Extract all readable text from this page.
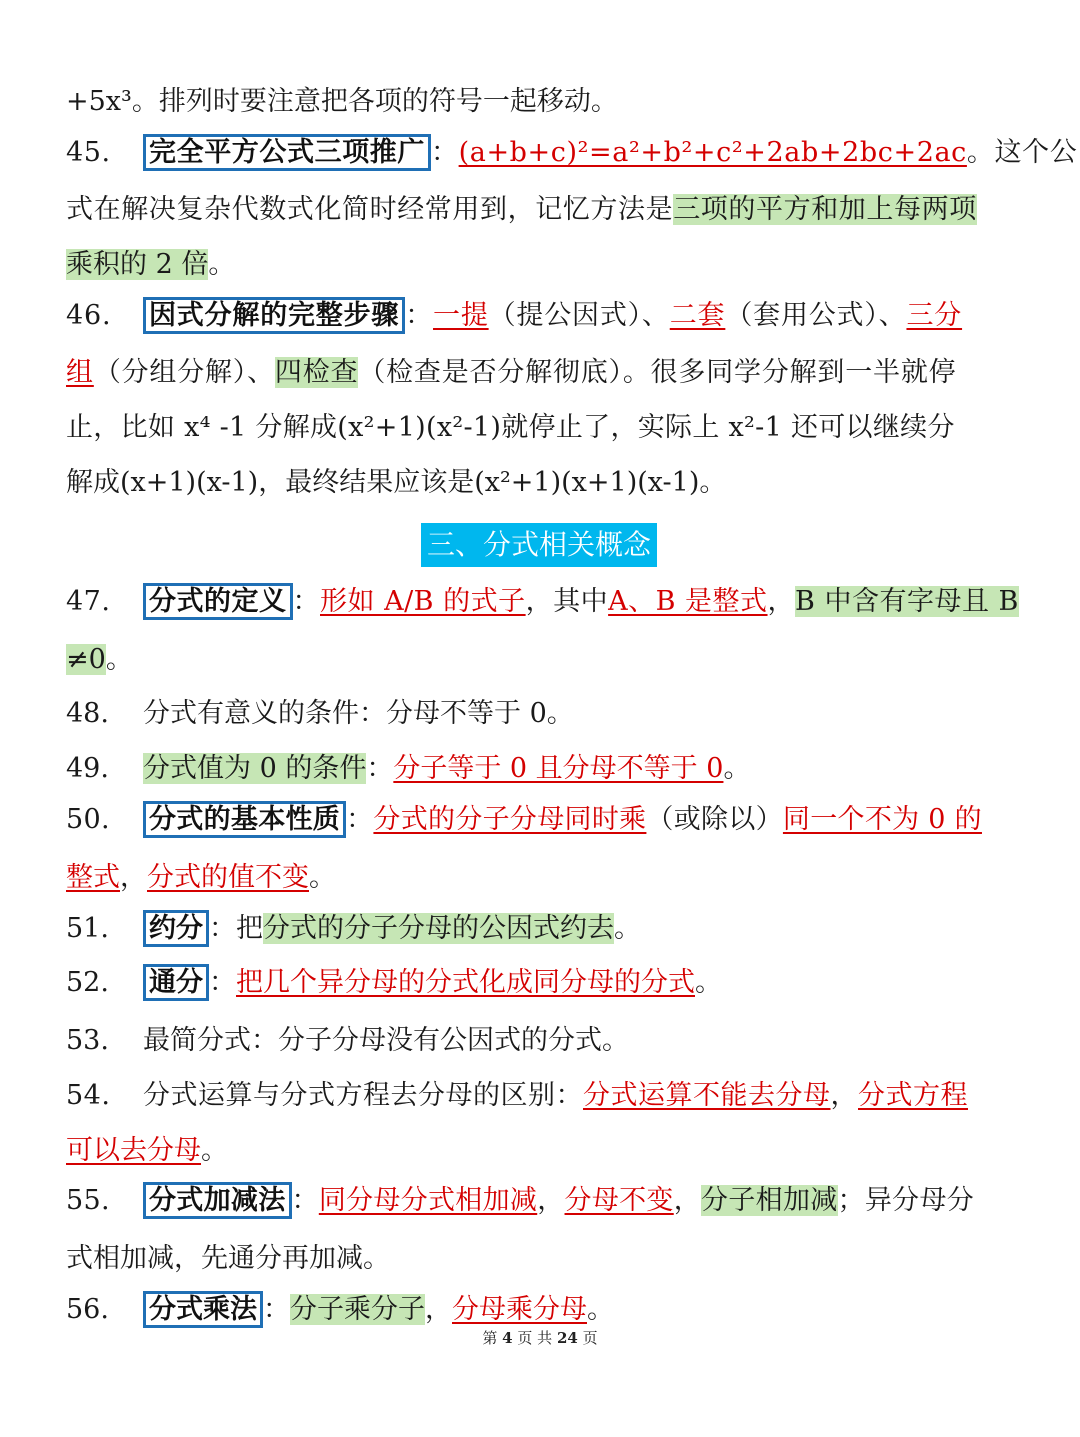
+5x³。排列时要注意把各项的符号一起移动。
45. 完全平方公式三项推广 ：(a+b+c)²=a²+b²+c²+2ab+2bc+2ac。这个公
式在解决复杂代数式化简时经常用到，记忆方法是三项的平方和加上每两项
乘积的 2 倍。
46. 因式分解的完整步骤 ：一提（提公因式）、二套（套用公式）、三分
组（分组分解）、四检查（检查是否分解彻底）。很多同学分解到一半就停
止，比如 x⁴ -1 分解成(x²+1)(x²-1)就停止了，实际上 x²-1 还可以继续分
解成(x+1)(x-1)，最终结果应该是(x²+1)(x+1)(x-1)。
三、分式相关概念
47. 分式的定义 ：形如 A/B 的式子，其中A、B 是整式，B 中含有字母且 B
≠0。
48. 分式有意义的条件：分母不等于 0。
49. 分式值为 0 的条件：分子等于 0 且分母不等于 0。
50. 分式的基本性质 ：分式的分子分母同时乘（或除以）同一个不为 0 的
整式，分式的值不变。
51. 约分 ：把分式的分子分母的公因式约去。
52. 通分 ：把几个异分母的分式化成同分母的分式。
53. 最简分式：分子分母没有公因式的分式。
54. 分式运算与分式方程去分母的区别：分式运算不能去分母，分式方程
可以去分母。
55. 分式加减法 ：同分母分式相加减，分母不变，分子相加减；异分母分
式相加减，先通分再加减。
56. 分式乘法 ：分子乘分子，分母乘分母。
第 4 页 共 24 页
